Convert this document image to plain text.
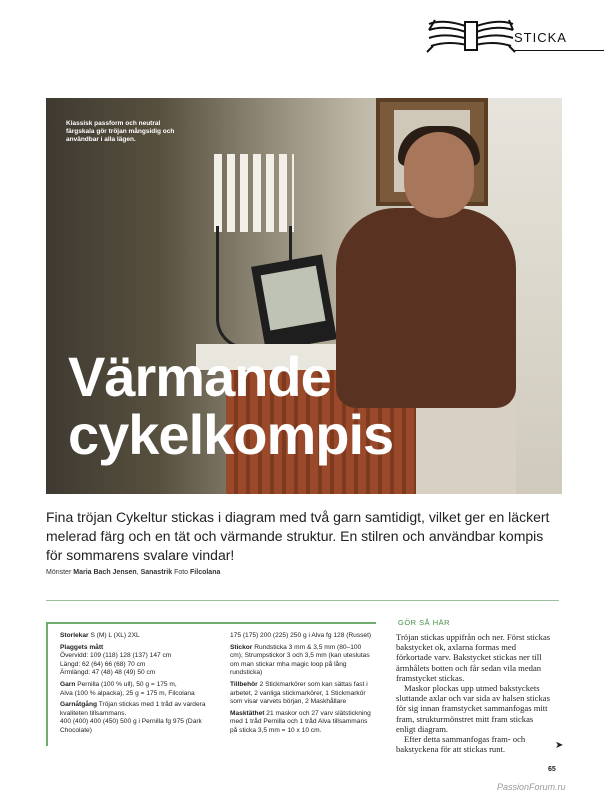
STICKA

Klassisk passform och neutral färgskala gör tröjan mångsidig och användbar i alla lägen.

Värmande
cykelkompis

Fina tröjan Cykeltur stickas i diagram med två garn samtidigt, vilket ger en läckert melerad färg och en tät och värmande struktur. En stilren och användbar kompis för sommarens svalare vindar!

Mönster Maria Bach Jensen, Sanastrik Foto Filcolana

Storlekar S (M) L (XL) 2XL

Plaggets mått
Övervidd: 109 (118) 128 (137) 147 cm
Längd: 62 (64) 66 (68) 70 cm
Ärmlängd: 47 (48) 48 (49) 50 cm

Garn Pernilla (100 % ull), 50 g = 175 m,
Alva (100 % alpacka), 25 g = 175 m, Filcolana

Garnåtgång Tröjan stickas med 1 tråd av vardera kvaliteten tillsammans.
400 (400) 400 (450) 500 g i Pernilla fg 975 (Dark Chocolate)

175 (175) 200 (225) 250 g i Alva fg 128 (Russet)

Stickor Rundsticka 3 mm & 3,5 mm (80–100 cm), Strumpstickor 3 och 3,5 mm (kan uteslutas om man stickar mha magic loop på lång rundsticka)

Tillbehör 2 Stickmarkörer som kan sättas fast i arbetet, 2 vanliga stickmarkörer, 1 Stickmarkör som visar varvets början, 2 Maskhållare

Masktäthet 21 maskor och 27 varv slätstickning med 1 tråd Pernilla och 1 tråd Alva tillsammans på sticka 3,5 mm = 10 x 10 cm.

GÖR SÅ HÄR

Tröjan stickas uppifrån och ner. Först stickas bakstycket ok, axlarna formas med förkortade varv. Bakstycket stickas ner till ärmhålets botten och får sedan vila medan framstycket stickas.

Maskor plockas upp utmed bakstyckets sluttande axlar och var sida av halsen stickas för sig innan framstycket sammanfogas mitt fram, strukturmönstret mitt fram stickas enligt diagram.

Efter detta sammanfogas fram- och bakstyckena för att stickas runt.	➤
65
PassionForum.ru
